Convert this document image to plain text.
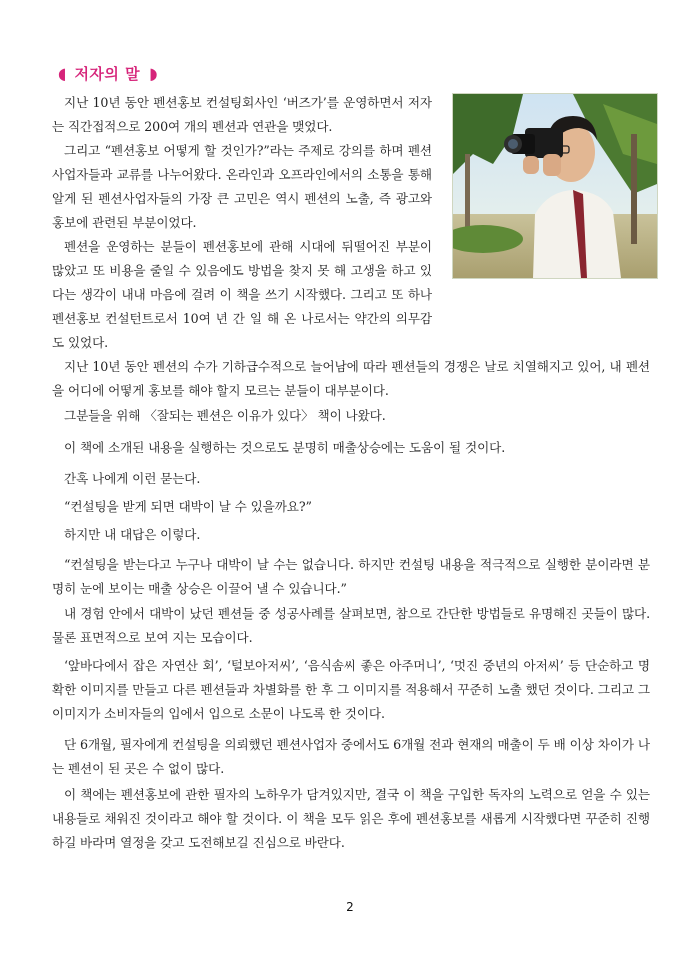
◖ 저자의 말 ◗

지난 10년 동안 펜션홍보 컨설팅회사인 ‘버즈가’를 운영하면서 저자는 직간접적으로 200여 개의 펜션과 연관을 맺었다.

그리고 “펜션홍보 어떻게 할 것인가?”라는 주제로 강의를 하며 펜션사업자들과 교류를 나누어왔다. 온라인과 오프라인에서의 소통을 통해 알게 된 펜션사업자들의 가장 큰 고민은 역시 펜션의 노출, 즉 광고와 홍보에 관련된 부분이었다.

펜션을 운영하는 분들이 펜션홍보에 관해 시대에 뒤떨어진 부분이 많았고 또 비용을 줄일 수 있음에도 방법을 찾지 못 해 고생을 하고 있다는 생각이 내내 마음에 걸려 이 책을 쓰기 시작했다. 그리고 또 하나 펜션홍보 컨설턴트로서 10여 년 간 일 해 온 나로서는 약간의 의무감도 있었다.

지난 10년 동안 펜션의 수가 기하급수적으로 늘어남에 따라 펜션들의 경쟁은 날로 치열해지고 있어, 내 펜션을 어디에 어떻게 홍보를 해야 할지 모르는 분들이 대부분이다.

그분들을 위해 〈잘되는 펜션은 이유가 있다〉 책이 나왔다.

이 책에 소개된 내용을 실행하는 것으로도 분명히 매출상승에는 도움이 될 것이다.

간혹 나에게 이런 묻는다.

“컨설팅을 받게 되면 대박이 날 수 있을까요?”

하지만 내 대답은 이렇다.

“컨설팅을 받는다고 누구나 대박이 날 수는 없습니다. 하지만 컨설팅 내용을 적극적으로 실행한 분이라면 분명히 눈에 보이는 매출 상승은 이끌어 낼 수 있습니다.”

내 경험 안에서 대박이 났던 펜션들 중 성공사례를 살펴보면, 참으로 간단한 방법들로 유명해진 곳들이 많다. 물론 표면적으로 보여 지는 모습이다.

‘앞바다에서 잡은 자연산 회’, ‘털보아저씨’, ‘음식솜씨 좋은 아주머니’, ‘멋진 중년의 아저씨’ 등 단순하고 명확한 이미지를 만들고 다른 펜션들과 차별화를 한 후 그 이미지를 적용해서 꾸준히 노출 했던 것이다. 그리고 그 이미지가 소비자들의 입에서 입으로 소문이 나도록 한 것이다.

단 6개월, 필자에게 컨설팅을 의뢰했던 펜션사업자 중에서도 6개월 전과 현재의 매출이 두 배 이상 차이가 나는 펜션이 된 곳은 수 없이 많다.

이 책에는 펜션홍보에 관한 필자의 노하우가 담겨있지만, 결국 이 책을 구입한 독자의 노력으로 얻을 수 있는 내용들로 채워진 것이라고 해야 할 것이다. 이 책을 모두 읽은 후에 펜션홍보를 새롭게 시작했다면 꾸준히 진행하길 바라며 열정을 갖고 도전해보길 진심으로 바란다.

2
